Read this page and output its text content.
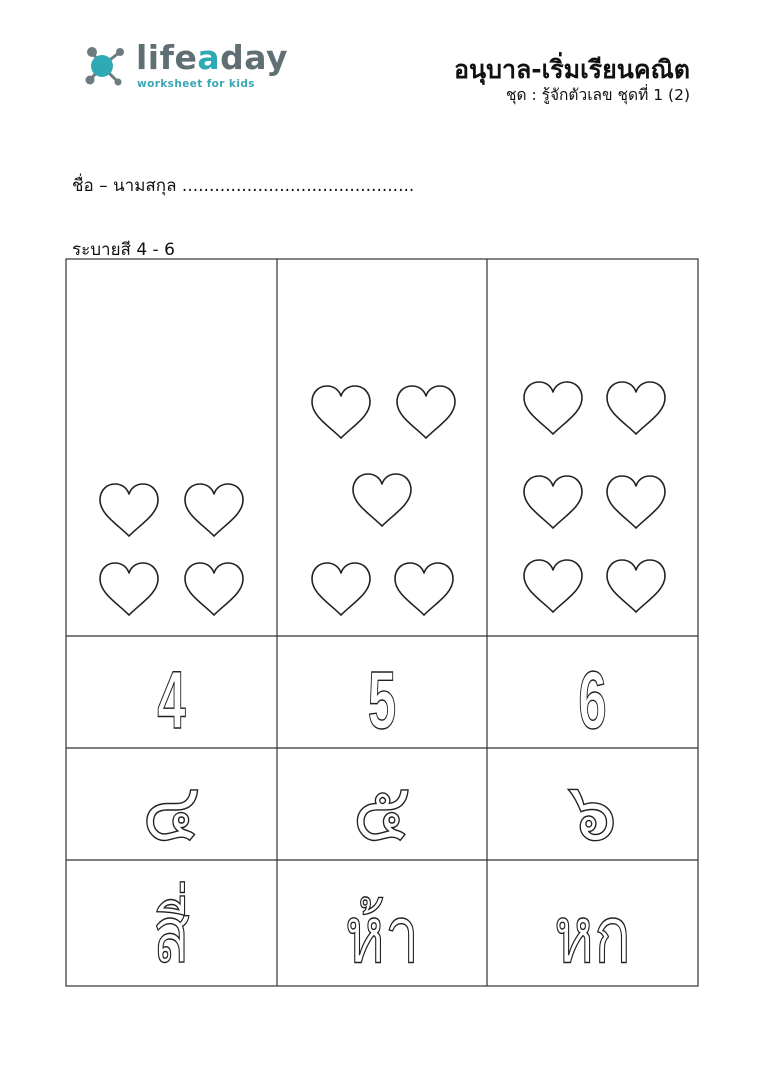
lifeaday
worksheet for kids	อนุบาล-เริ่มเรียนคณิต
ชุด : รู้จักตัวเลข ชุดที่ 1 (2)
ชื่อ – นามสกุล ...........................................
ระบายสี 4 - 6
4
๔
สี่
5
๕
ห้า
6
๖
หก
